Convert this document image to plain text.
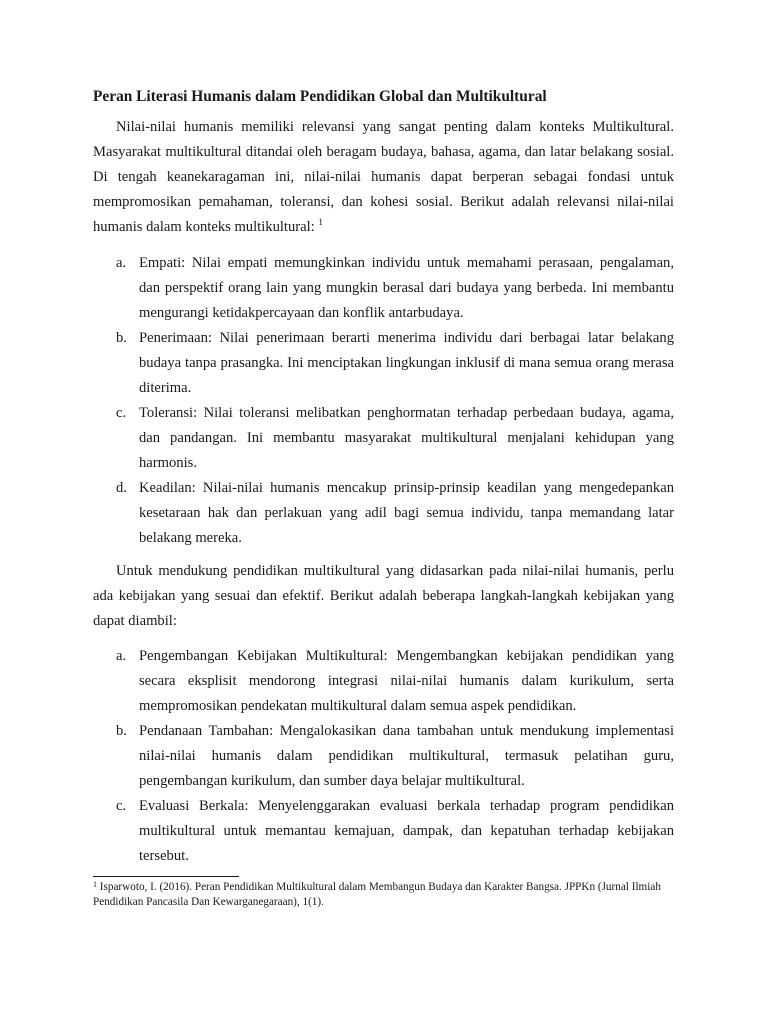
Peran Literasi Humanis dalam Pendidikan Global dan Multikultural

Nilai-nilai humanis memiliki relevansi yang sangat penting dalam konteks Multikultural. Masyarakat multikultural ditandai oleh beragam budaya, bahasa, agama, dan latar belakang sosial. Di tengah keanekaragaman ini, nilai-nilai humanis dapat berperan sebagai fondasi untuk mempromosikan pemahaman, toleransi, dan kohesi sosial. Berikut adalah relevansi nilai-nilai humanis dalam konteks multikultural: $^1$

a. Empati: Nilai empati memungkinkan individu untuk memahami perasaan, pengalaman, dan perspektif orang lain yang mungkin berasal dari budaya yang berbeda. Ini membantu mengurangi ketidakpercayaan dan konflik antarbudaya.
b. Penerimaan: Nilai penerimaan berarti menerima individu dari berbagai latar belakang budaya tanpa prasangka. Ini menciptakan lingkungan inklusif di mana semua orang merasa diterima.
c. Toleransi: Nilai toleransi melibatkan penghormatan terhadap perbedaan budaya, agama, dan pandangan. Ini membantu masyarakat multikultural menjalani kehidupan yang harmonis.
d. Keadilan: Nilai-nilai humanis mencakup prinsip-prinsip keadilan yang mengedepankan kesetaraan hak dan perlakuan yang adil bagi semua individu, tanpa memandang latar belakang mereka.

Untuk mendukung pendidikan multikultural yang didasarkan pada nilai-nilai humanis, perlu ada kebijakan yang sesuai dan efektif. Berikut adalah beberapa langkah-langkah kebijakan yang dapat diambil:

a. Pengembangan Kebijakan Multikultural: Mengembangkan kebijakan pendidikan yang secara eksplisit mendorong integrasi nilai-nilai humanis dalam kurikulum, serta mempromosikan pendekatan multikultural dalam semua aspek pendidikan.
b. Pendanaan Tambahan: Mengalokasikan dana tambahan untuk mendukung implementasi nilai-nilai humanis dalam pendidikan multikultural, termasuk pelatihan guru, pengembangan kurikulum, dan sumber daya belajar multikultural.
c. Evaluasi Berkala: Menyelenggarakan evaluasi berkala terhadap program pendidikan multikultural untuk memantau kemajuan, dampak, dan kepatuhan terhadap kebijakan tersebut.
$^1$ Isparwoto, I. (2016). Peran Pendidikan Multikultural dalam Membangun Budaya dan Karakter Bangsa. JPPKn (Jurnal Ilmiah Pendidikan Pancasila Dan Kewarganegaraan), 1(1).
